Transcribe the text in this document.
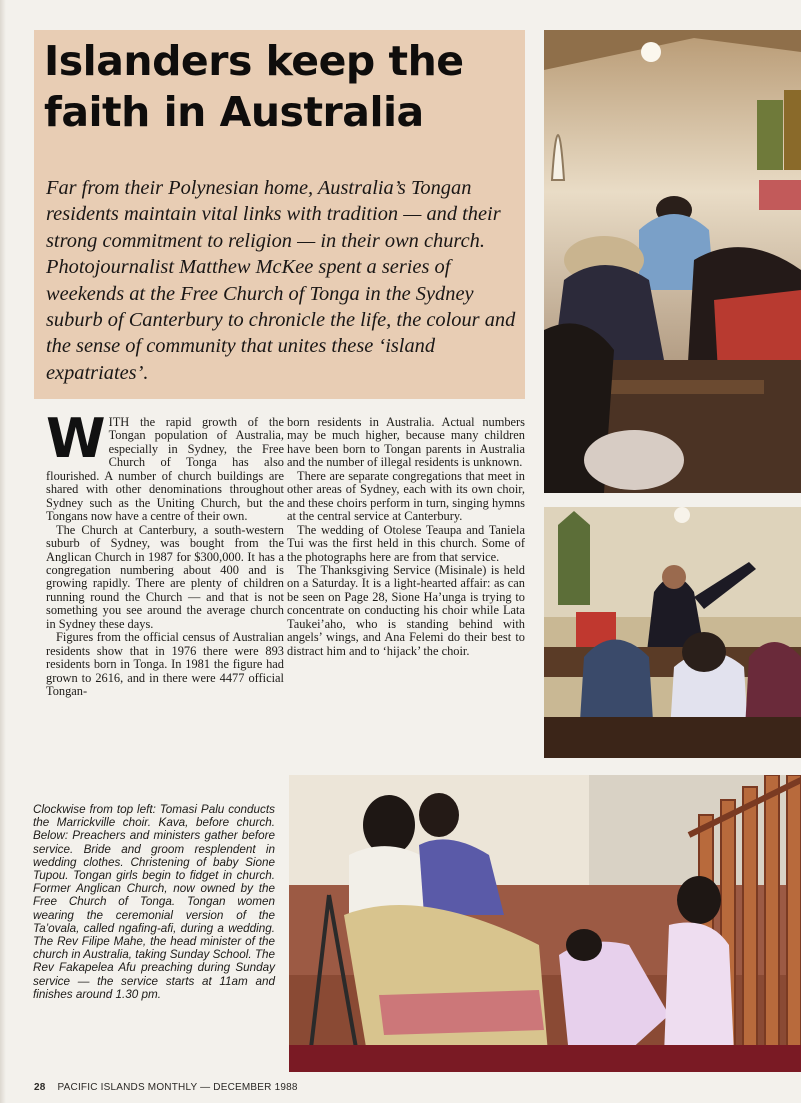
Islanders keep the faith in Australia

Far from their Polynesian home, Australia’s Tongan residents maintain vital links with tradition — and their strong commitment to religion — in their own church. Photojournalist Matthew McKee spent a series of weekends at the Free Church of Tonga in the Sydney suburb of Canterbury to chronicle the life, the colour and the sense of community that unites these ‘island expatriates’.

WITH the rapid growth of the Tongan population of Australia, especially in Sydney, the Free Church of Tonga has also flourished. A number of church buildings are shared with other denominations throughout Sydney such as the Uniting Church, but the Tongans now have a centre of their own.

The Church at Canterbury, a south-western suburb of Sydney, was bought from the Anglican Church in 1987 for $300,000. It has a congregation numbering about 400 and is growing rapidly. There are plenty of children running round the Church — and that is not something you see around the average church in Sydney these days.

Figures from the official census of Australian residents show that in 1976 there were 893 residents born in Tonga. In 1981 the figure had grown to 2616, and in there were 4477 official Tongan-

born residents in Australia. Actual numbers may be much higher, because many children have been born to Tongan parents in Australia and the number of illegal residents is unknown.

There are separate congregations that meet in other areas of Sydney, each with its own choir, and these choirs perform in turn, singing hymns at the central service at Canterbury.

The wedding of Otolese Teaupa and Taniela Tui was the first held in this church. Some of the photographs here are from that service.

The Thanksgiving Service (Misinale) is held on a Saturday. It is a light-hearted affair: as can be seen on Page 28, Sione Ha’unga is trying to concentrate on conducting his choir while Lata Taukei’aho, who is standing behind with angels’ wings, and Ana Felemi do their best to distract him and to ‘hijack’ the choir.

Clockwise from top left: Tomasi Palu conducts the Marrickville choir. Kava, before church. Below: Preachers and ministers gather before service. Bride and groom resplendent in wedding clothes. Christening of baby Sione Tupou. Tongan girls begin to fidget in church. Former Anglican Church, now owned by the Free Church of Tonga. Tongan women wearing the ceremonial version of the Ta’ovala, called ngafing-afi, during a wedding. The Rev Filipe Mahe, the head minister of the church in Australia, taking Sunday School. The Rev Fakapelea Afu preaching during Sunday service — the service starts at 11am and finishes around 1.30 pm.

28 PACIFIC ISLANDS MONTHLY — DECEMBER 1988
